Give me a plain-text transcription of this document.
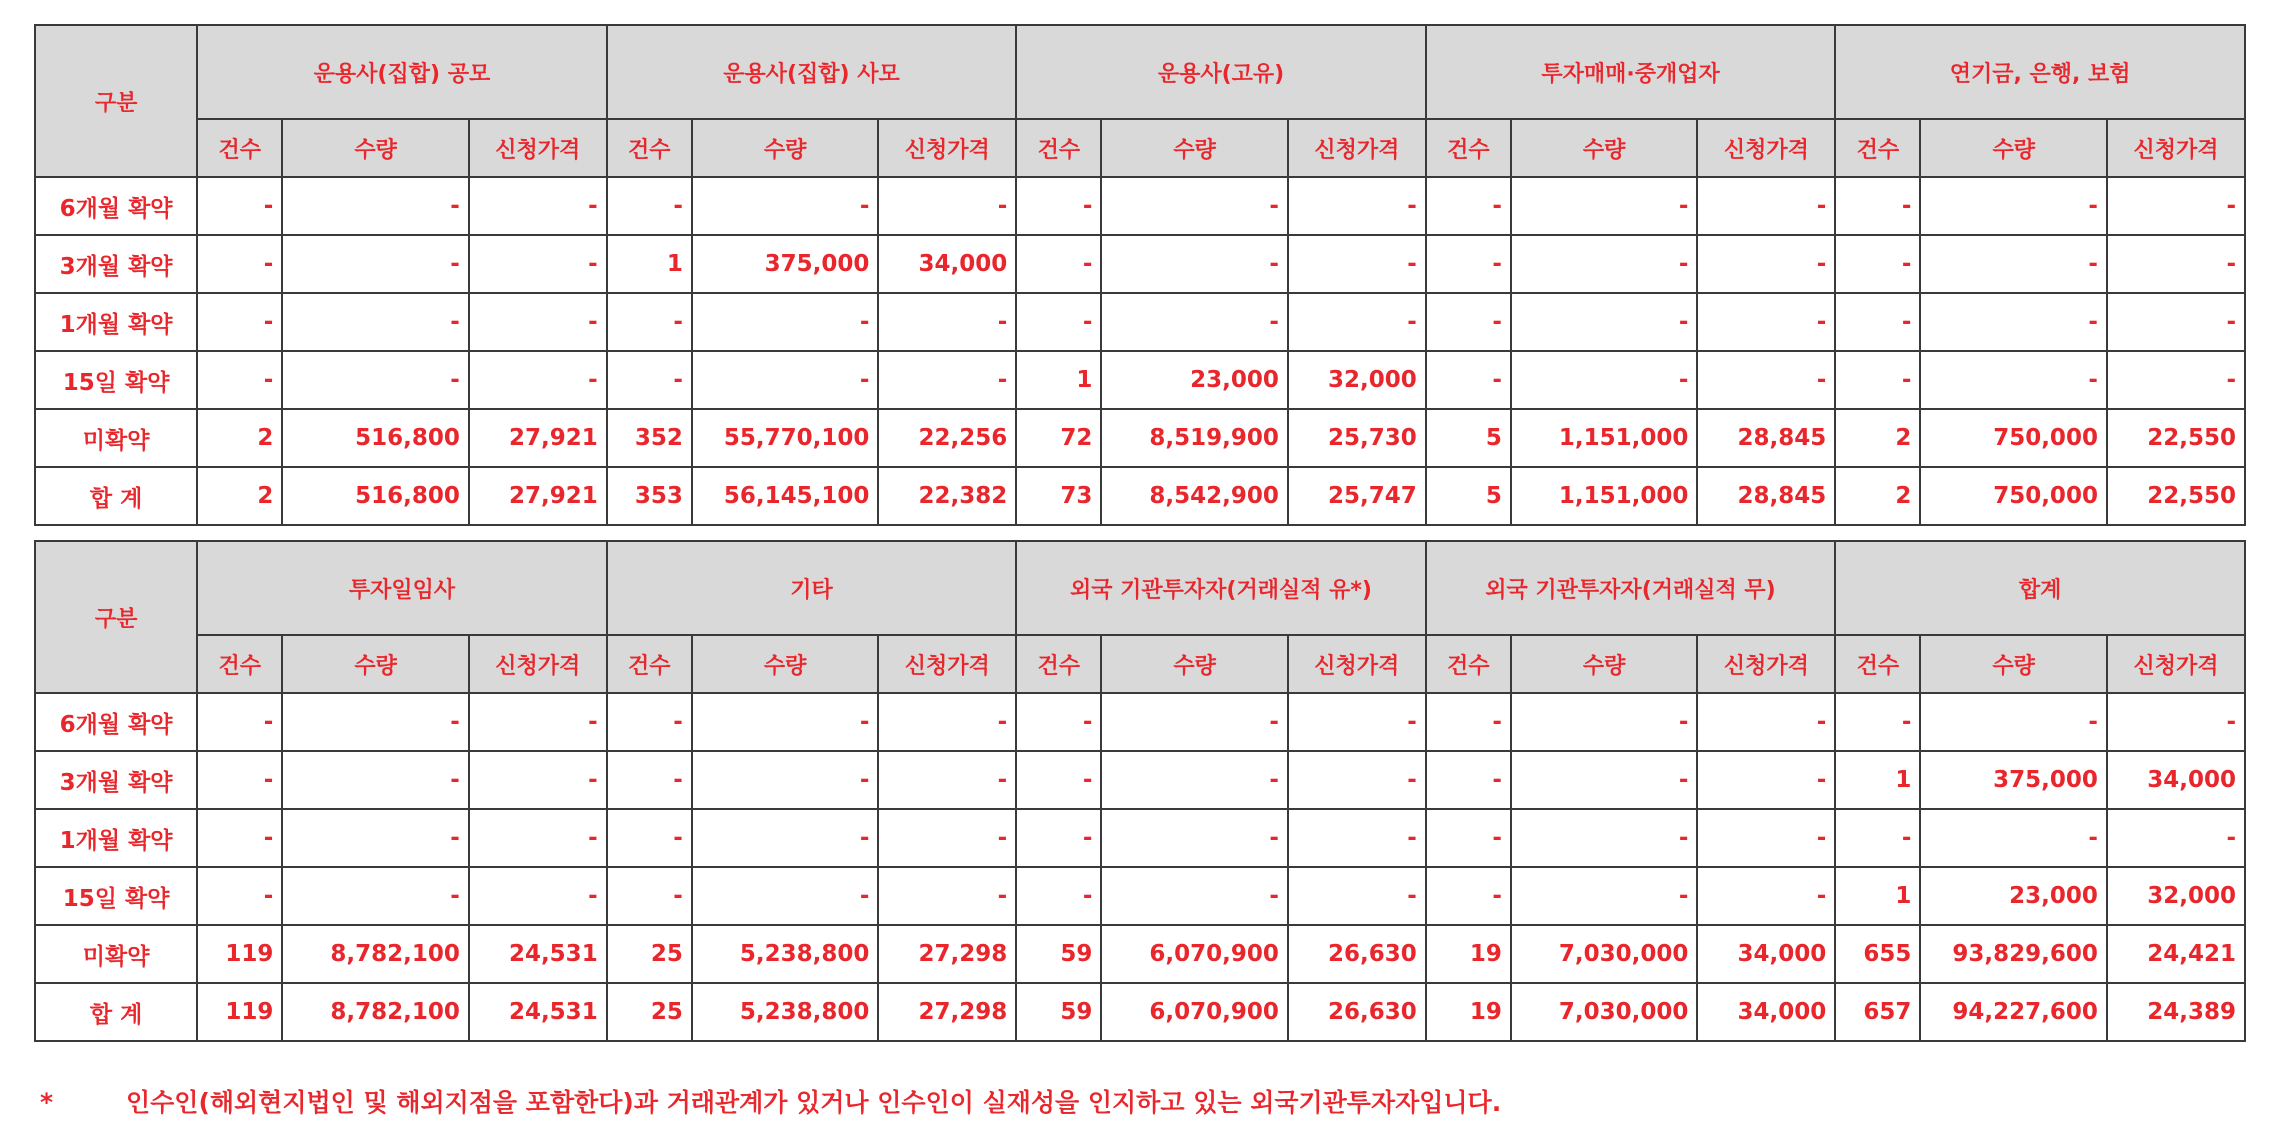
구분	운용사(집합) 공모			운용사(집합) 사모			운용사(고유)			투자매매·중개업자			연기금, 은행, 보험		
	건수	수량	신청가격	건수	수량	신청가격	건수	수량	신청가격	건수	수량	신청가격	건수	수량	신청가격
6개월 확약	-	-	-	-	-	-	-	-	-	-	-	-	-	-	-
3개월 확약	-	-	-	1	375,000	34,000	-	-	-	-	-	-	-	-	-
1개월 확약	-	-	-	-	-	-	-	-	-	-	-	-	-	-	-
15일 확약	-	-	-	-	-	-	1	23,000	32,000	-	-	-	-	-	-
미확약	2	516,800	27,921	352	55,770,100	22,256	72	8,519,900	25,730	5	1,151,000	28,845	2	750,000	22,550
합 계	2	516,800	27,921	353	56,145,100	22,382	73	8,542,900	25,747	5	1,151,000	28,845	2	750,000	22,550
구분	투자일임사			기타			외국 기관투자자(거래실적 유*)			외국 기관투자자(거래실적 무)			합계		
	건수	수량	신청가격	건수	수량	신청가격	건수	수량	신청가격	건수	수량	신청가격	건수	수량	신청가격
6개월 확약	-	-	-	-	-	-	-	-	-	-	-	-	-	-	-
3개월 확약	-	-	-	-	-	-	-	-	-	-	-	-	1	375,000	34,000
1개월 확약	-	-	-	-	-	-	-	-	-	-	-	-	-	-	-
15일 확약	-	-	-	-	-	-	-	-	-	-	-	-	1	23,000	32,000
미확약	119	8,782,100	24,531	25	5,238,800	27,298	59	6,070,900	26,630	19	7,030,000	34,000	655	93,829,600	24,421
합 계	119	8,782,100	24,531	25	5,238,800	27,298	59	6,070,900	26,630	19	7,030,000	34,000	657	94,227,600	24,389
*	인수인(해외현지법인 및 해외지점을 포함한다)과 거래관계가 있거나 인수인이 실재성을 인지하고 있는 외국기관투자자입니다.
